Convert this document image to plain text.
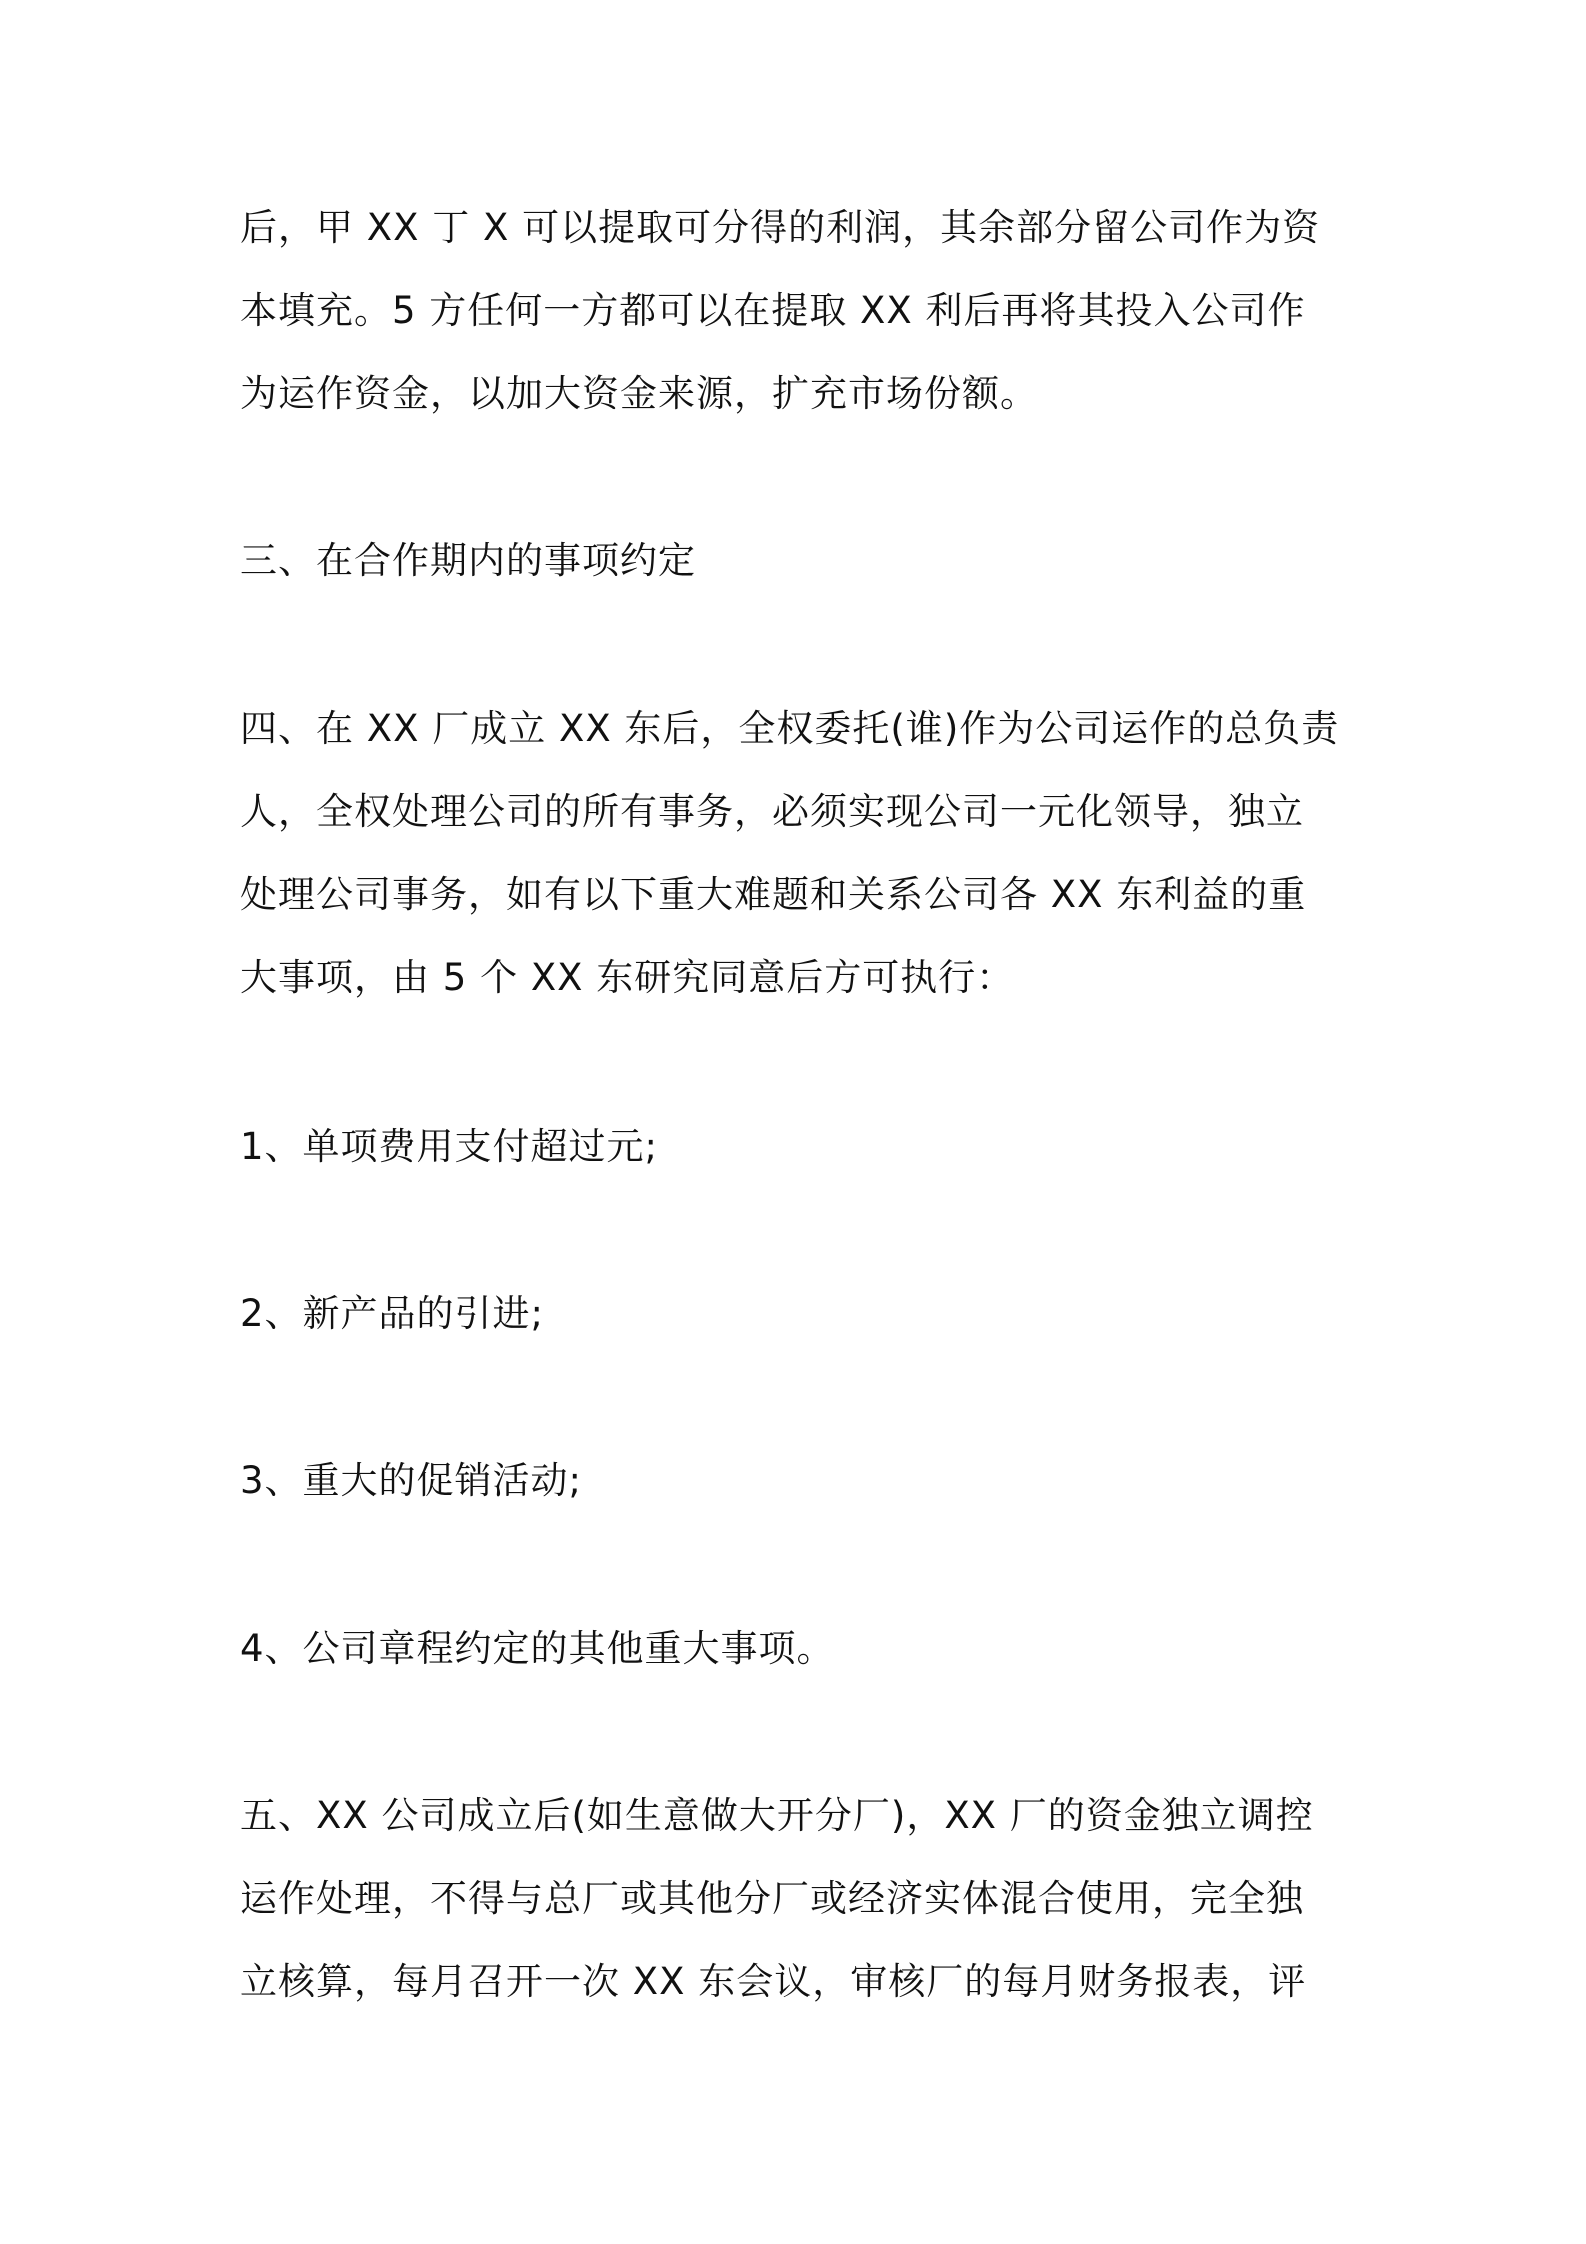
后，甲 XX 丁 X 可以提取可分得的利润，其余部分留公司作为资
本填充。5 方任何一方都可以在提取 XX 利后再将其投入公司作
为运作资金，以加大资金来源，扩充市场份额。
三、在合作期内的事项约定
四、在 XX 厂成立 XX 东后，全权委托(谁)作为公司运作的总负责
人，全权处理公司的所有事务，必须实现公司一元化领导，独立
处理公司事务，如有以下重大难题和关系公司各 XX 东利益的重
大事项，由 5 个 XX 东研究同意后方可执行：
1、单项费用支付超过元;
2、新产品的引进;
3、重大的促销活动;
4、公司章程约定的其他重大事项。
五、XX 公司成立后(如生意做大开分厂)，XX 厂的资金独立调控
运作处理，不得与总厂或其他分厂或经济实体混合使用，完全独
立核算，每月召开一次 XX 东会议，审核厂的每月财务报表，评
